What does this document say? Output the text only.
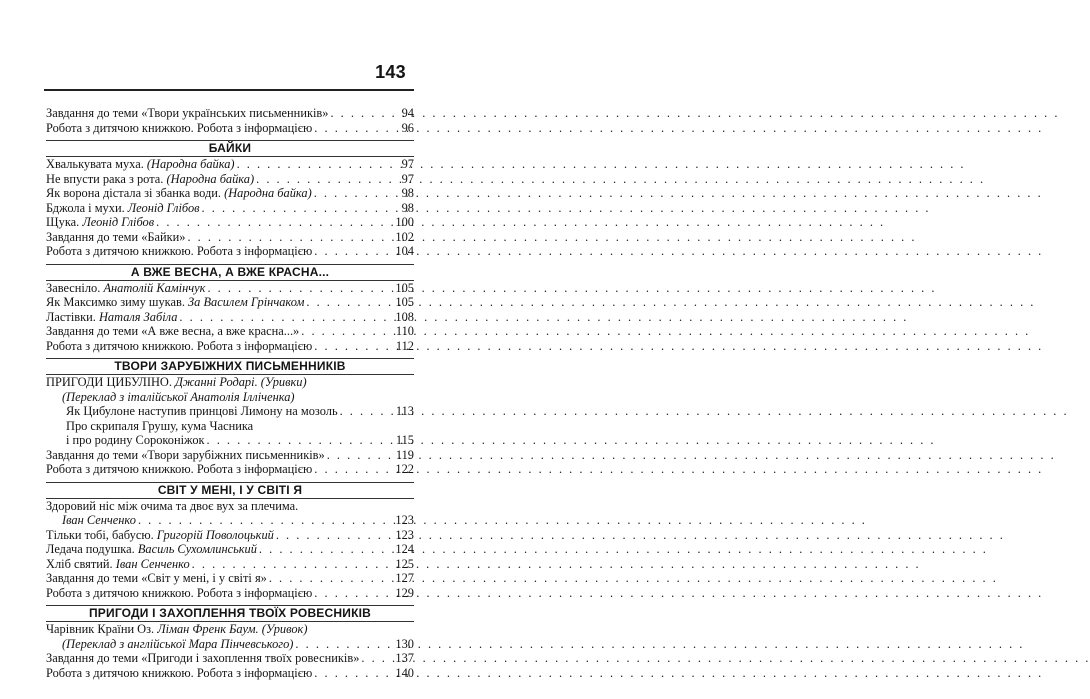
143
Завдання до теми «Твори українських письменників» . . .	94
Робота з дитячою книжкою. Робота з інформацією . . .	96
БАЙКИ
Хвалькувата муха. (Народна байка) . . .	97
Не впусти рака з рота. (Народна байка) . . .	97
Як ворона дістала зі збанка води. (Народна байка) . . .	98
Бджола і мухи. Леонід Глібов . . .	98
Щука. Леонід Глібов . . .	100
Завдання до теми «Байки» . . .	102
Робота з дитячою книжкою. Робота з інформацією . . .	104
А ВЖЕ ВЕСНА, А ВЖЕ КРАСНА...
Завесніло. Анатолій Камінчук . . .	105
Як Максимко зиму шукав. За Василем Грінчаком . . .	105
Ластівки. Наталя Забіла . . .	108
Завдання до теми «А вже весна, а вже красна...» . . .	110
Робота з дитячою книжкою. Робота з інформацією . . .	112
ТВОРИ ЗАРУБІЖНИХ ПИСЬМЕННИКІВ
ПРИГОДИ ЦИБУЛІНО. Джанні Родарі. (Уривки)
(Переклад з італійської Анатолія Ілліченка)
Як Цибулоне наступив принцові Лимону на мозоль . . .	113
Про скрипаля Грушу, кума Часника
і про родину Сороконіжок . . .	115
Завдання до теми «Твори зарубіжних письменників» . . .	119
Робота з дитячою книжкою. Робота з інформацією . . .	122
СВІТ У МЕНІ, І У СВІТІ Я
Здоровий ніс між очима та двоє вух за плечима.
Іван Сенченко . . .	123
Тільки тобі, бабусю. Григорій Поволоцький . . .	123
Ледача подушка. Василь Сухомлинський . . .	124
Хліб святий. Іван Сенченко . . .	125
Завдання до теми «Світ у мені, і у світі я» . . .	127
Робота з дитячою книжкою. Робота з інформацією . . .	129
ПРИГОДИ І ЗАХОПЛЕННЯ ТВОЇХ РОВЕСНИКІВ
Чарівник Країни Оз. Ліман Френк Баум. (Уривок)
(Переклад з англійської Мара Пінчевського) . . .	130
Завдання до теми «Пригоди і захоплення твоїх ровесників» . . .	137
Робота з дитячою книжкою. Робота з інформацією . . .	140
